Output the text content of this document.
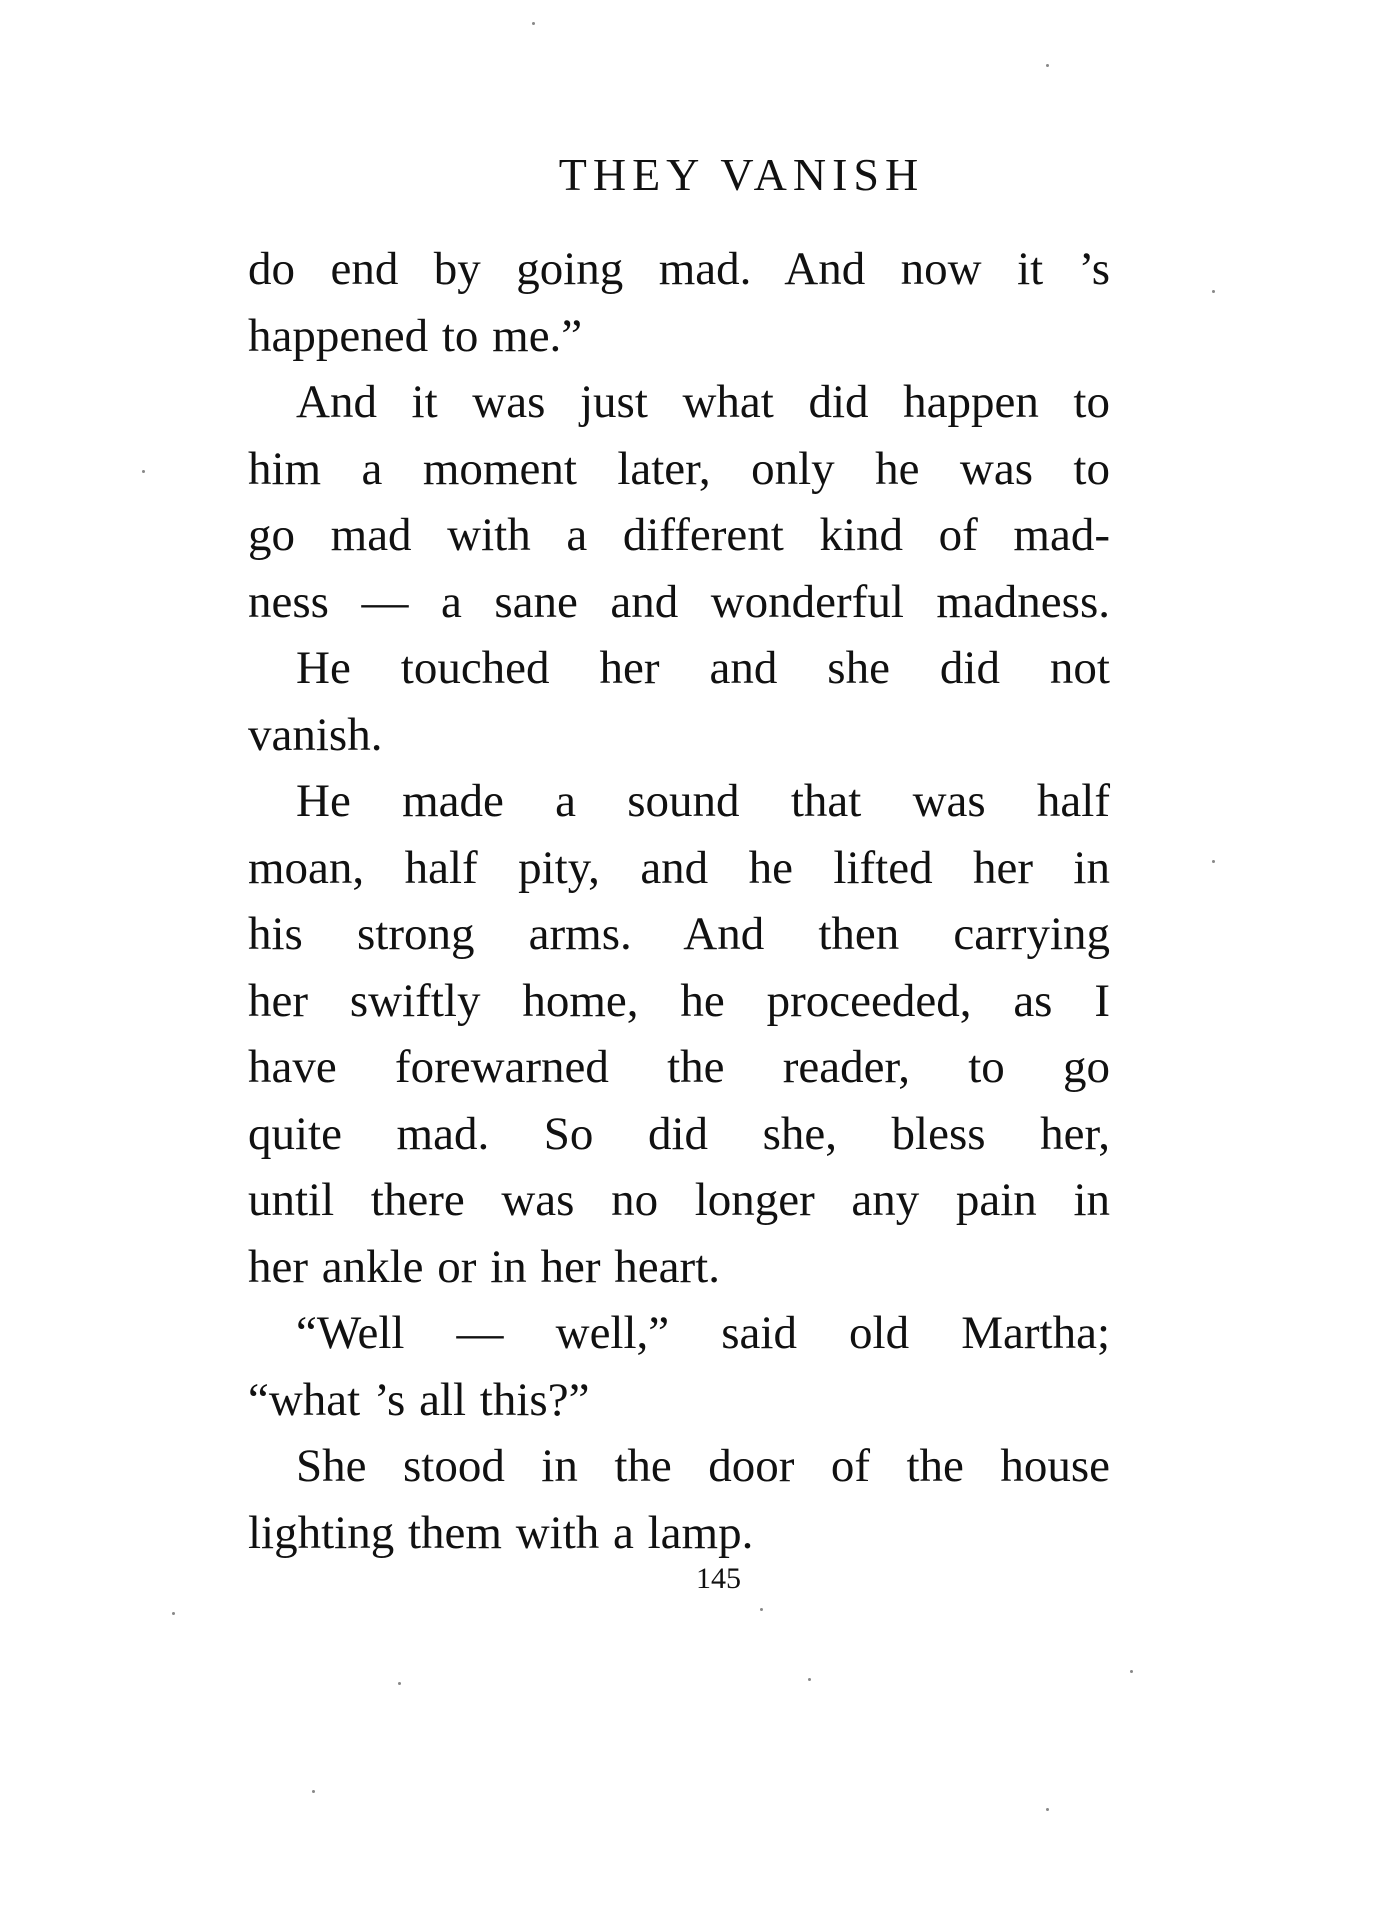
THEY VANISH
do end by going mad. And now it ’s
happened to me.”
And it was just what did happen to
him a moment later, only he was to
go mad with a different kind of mad-
ness — a sane and wonderful madness.
He touched her and she did not
vanish.
He made a sound that was half
moan, half pity, and he lifted her in
his strong arms. And then carrying
her swiftly home, he proceeded, as I
have forewarned the reader, to go
quite mad. So did she, bless her,
until there was no longer any pain in
her ankle or in her heart.
“Well — well,” said old Martha;
“what ’s all this?”
She stood in the door of the house
lighting them with a lamp.
145
